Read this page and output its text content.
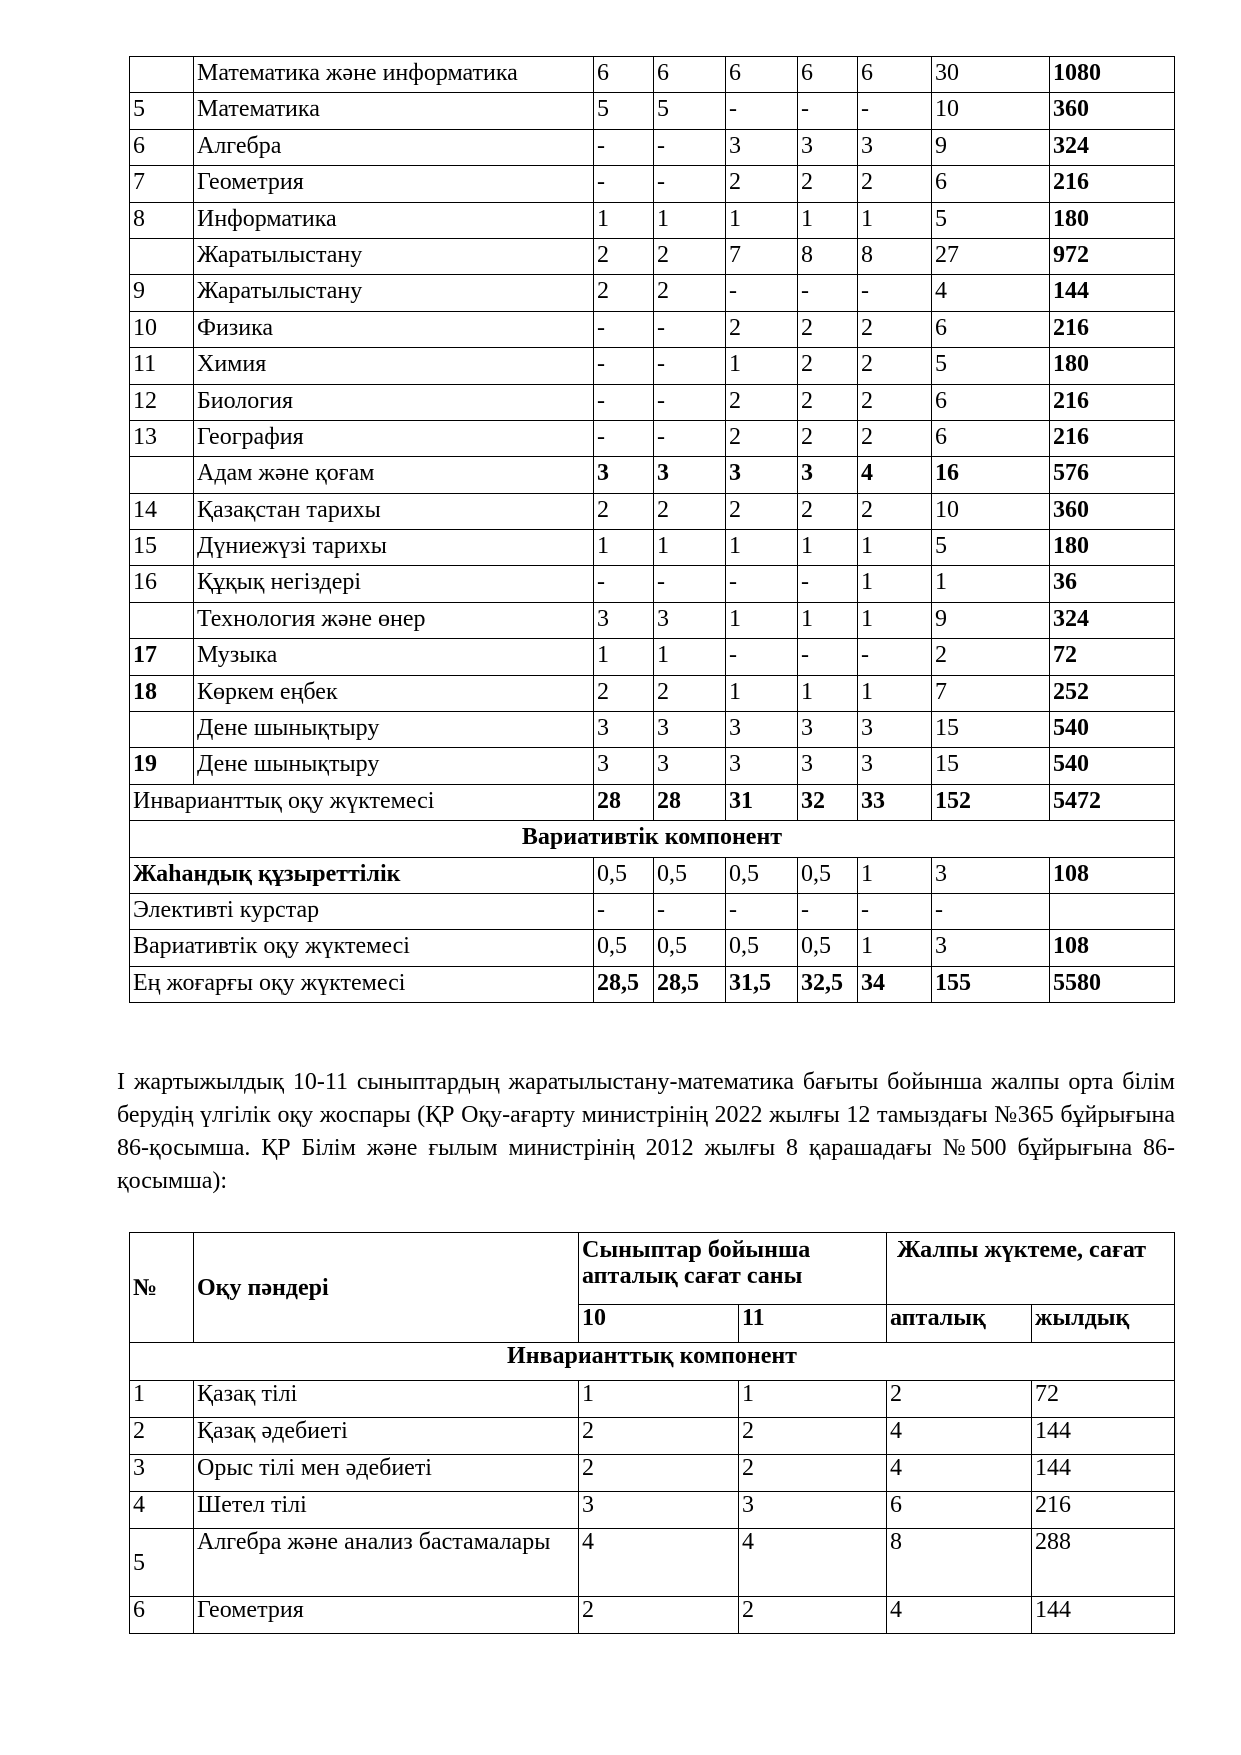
	Математика және информатика	6	6	6	6	6	30	1080
5	Математика	5	5	-	-	-	10	360
6	Алгебра	-	-	3	3	3	9	324
7	Геометрия	-	-	2	2	2	6	216
8	Информатика	1	1	1	1	1	5	180
	Жаратылыстану	2	2	7	8	8	27	972
9	Жаратылыстану	2	2	-	-	-	4	144
10	Физика	-	-	2	2	2	6	216
11	Химия	-	-	1	2	2	5	180
12	Биология	-	-	2	2	2	6	216
13	География	-	-	2	2	2	6	216
	Адам және қоғам	3	3	3	3	4	16	576
14	Қазақстан тарихы	2	2	2	2	2	10	360
15	Дүниежүзі тарихы	1	1	1	1	1	5	180
16	Құқық негіздері	-	-	-	-	1	1	36
	Технология және өнер	3	3	1	1	1	9	324
17	Музыка	1	1	-	-	-	2	72
18	Көркем еңбек	2	2	1	1	1	7	252
	Дене шынықтыру	3	3	3	3	3	15	540
19	Дене шынықтыру	3	3	3	3	3	15	540
Инварианттық оқу жүктемесі		28	28	31	32	33	152	5472
Вариативтік компонент								
Жаһандық құзыреттілік		0,5	0,5	0,5	0,5	1	3	108
Элективті курстар		-	-	-	-	-	-	
Вариативтік оқу жүктемесі		0,5	0,5	0,5	0,5	1	3	108
Ең жоғарғы оқу жүктемесі		28,5	28,5	31,5	32,5	34	155	5580
І жартыжылдық 10-11 сыныптардың жаратылыстану-математика бағыты бойынша жалпы орта білім берудің үлгілік оқу жоспары (ҚР Оқу-ағарту министрінің 2022 жылғы 12 тамыздағы №365 бұйрығына 86-қосымша. ҚР Білім және ғылым министрінің 2012 жылғы 8 қарашадағы №500 бұйрығына 86- қосымша):
№	Оқу пәндері	Сыныптар бойынша апталық сағат саны		Жалпы жүктеме, сағат	
		10	11	апталық	жылдық
Инварианттық компонент					
1	Қазақ тілі	1	1	2	72
2	Қазақ әдебиеті	2	2	4	144
3	Орыс тілі мен әдебиеті	2	2	4	144
4	Шетел тілі	3	3	6	216
5	Алгебра және анализ бастамалары	4	4	8	288
6	Геометрия	2	2	4	144
